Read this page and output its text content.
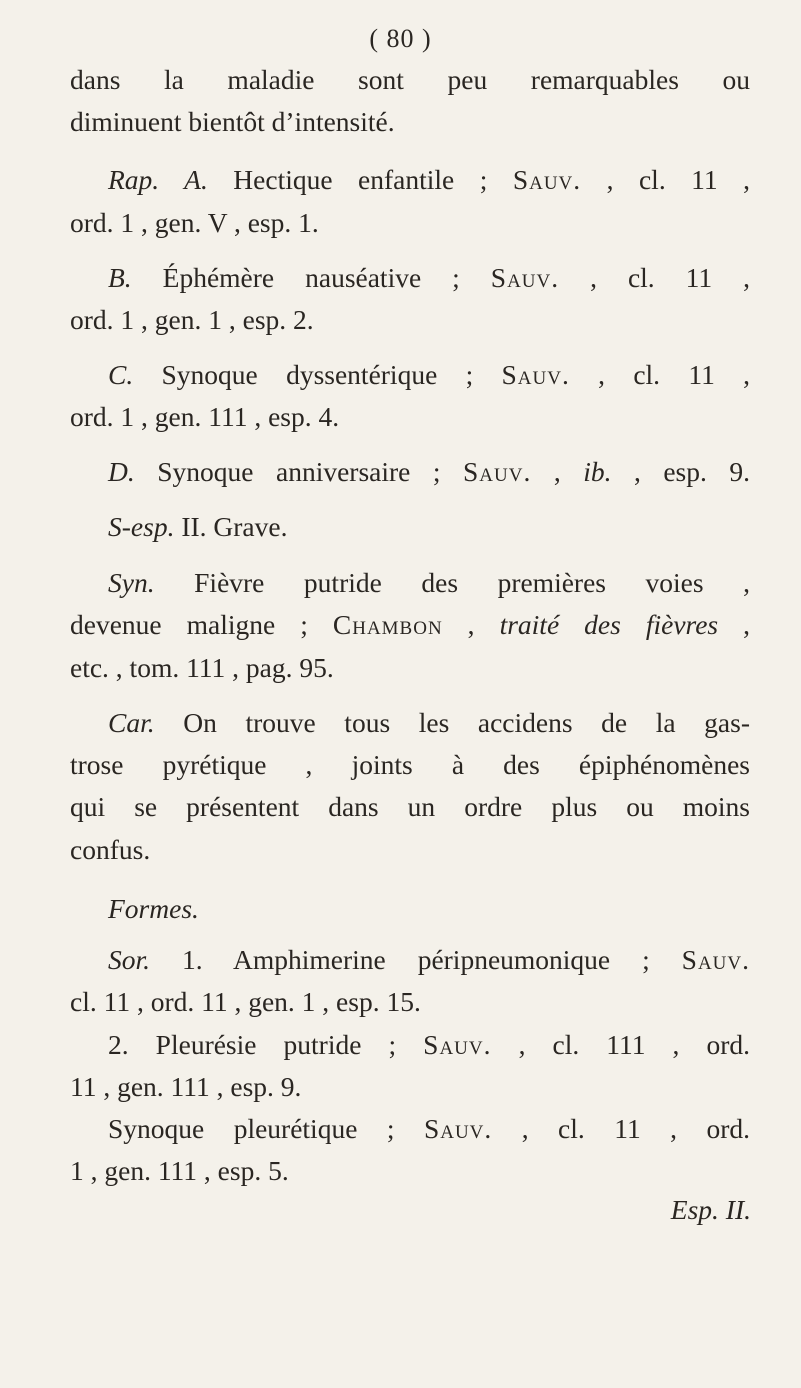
( 80 )
dans la maladie sont peu remarquables ou
diminuent bientôt d’intensité.
Rap. A. Hectique enfantile ; Sauv. , cl. 11 ,
ord. 1 , gen. V , esp. 1.
B. Éphémère nauséative ; Sauv. , cl. 11 ,
ord. 1 , gen. 1 , esp. 2.
C. Synoque dyssentérique ; Sauv. , cl. 11 ,
ord. 1 , gen. 111 , esp. 4.
D. Synoque anniversaire ; Sauv. , ib. , esp. 9.
S-esp. II. Grave.
Syn. Fièvre putride des premières voies ,
devenue maligne ; Chambon , traité des fièvres ,
etc. , tom. 111 , pag. 95.
Car. On trouve tous les accidens de la gas-
trose pyrétique , joints à des épiphénomènes
qui se présentent dans un ordre plus ou moins
confus.
Formes.
Sor. 1. Amphimerine péripneumonique ; Sauv.
cl. 11 , ord. 11 , gen. 1 , esp. 15.
2. Pleurésie putride ; Sauv. , cl. 111 , ord.
11 , gen. 111 , esp. 9.
Synoque pleurétique ; Sauv. , cl. 11 , ord.
1 , gen. 111 , esp. 5.
Esp. II.
